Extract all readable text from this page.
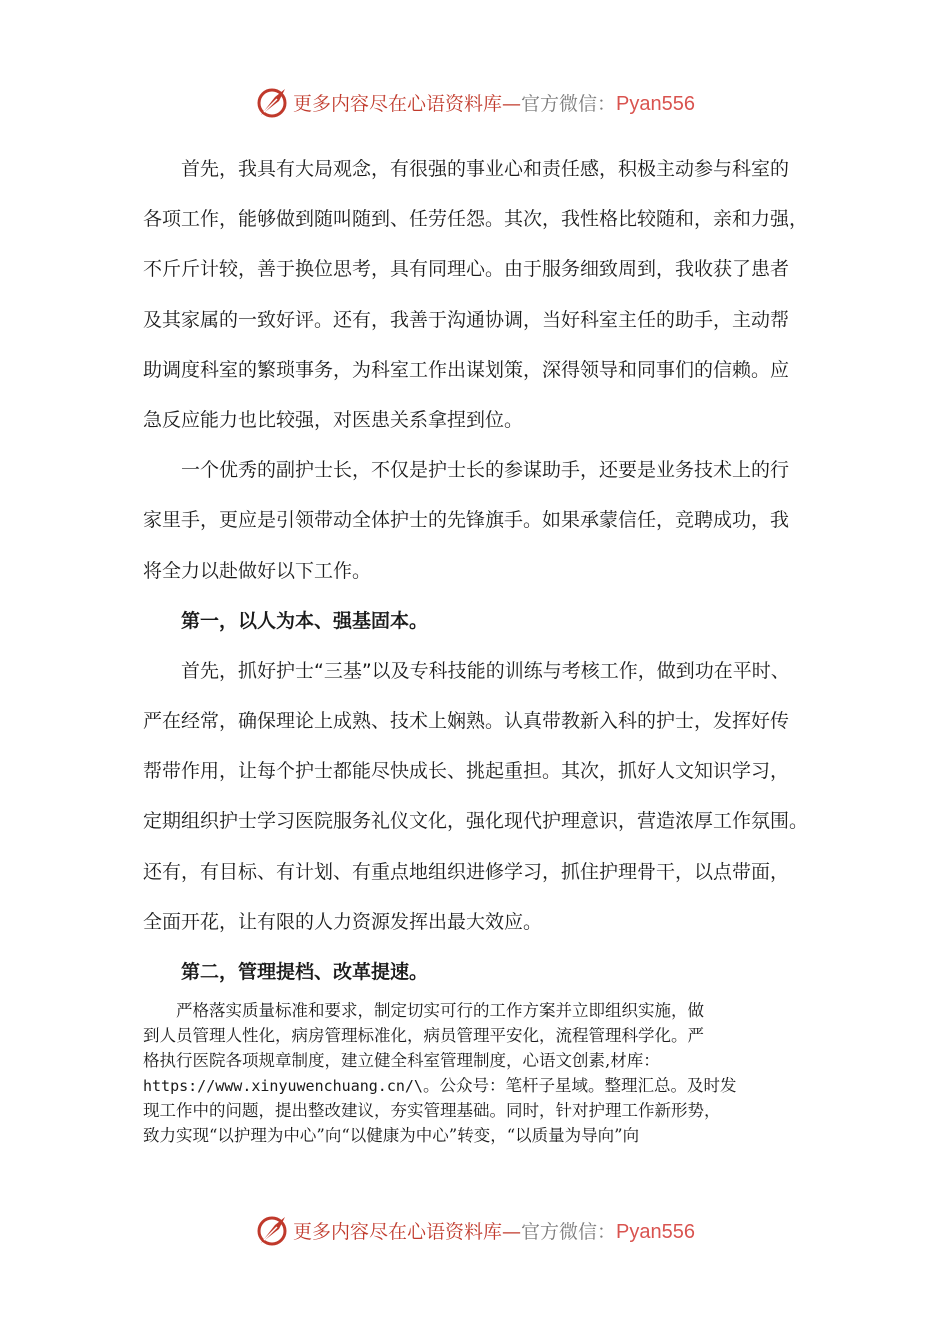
更多内容尽在心语资料库—官方微信：Pyan556
　　首先，我具有大局观念，有很强的事业心和责任感，积极主动参与科室的
各项工作，能够做到随叫随到、任劳任怨。其次，我性格比较随和，亲和力强，
不斤斤计较，善于换位思考，具有同理心。由于服务细致周到，我收获了患者
及其家属的一致好评。还有，我善于沟通协调，当好科室主任的助手，主动帮
助调度科室的繁琐事务，为科室工作出谋划策，深得领导和同事们的信赖。应
急反应能力也比较强，对医患关系拿捏到位。
　　一个优秀的副护士长，不仅是护士长的参谋助手，还要是业务技术上的行
家里手，更应是引领带动全体护士的先锋旗手。如果承蒙信任，竞聘成功，我
将全力以赴做好以下工作。
　　第一，以人为本、强基固本。
　　首先，抓好护士“三基”以及专科技能的训练与考核工作，做到功在平时、
严在经常，确保理论上成熟、技术上娴熟。认真带教新入科的护士，发挥好传
帮带作用，让每个护士都能尽快成长、挑起重担。其次，抓好人文知识学习，
定期组织护士学习医院服务礼仪文化，强化现代护理意识，营造浓厚工作氛围。
还有，有目标、有计划、有重点地组织进修学习，抓住护理骨干，以点带面，
全面开花，让有限的人力资源发挥出最大效应。
　　第二，管理提档、改革提速。
　　严格落实质量标准和要求，制定切实可行的工作方案并立即组织实施，做
到人员管理人性化，病房管理标准化，病员管理平安化，流程管理科学化。严
格执行医院各项规章制度，建立健全科室管理制度，心语文创素,材库：
https://www.xinyuwenchuang.cn/\。公众号：笔杆子星域。整理汇总。及时发
现工作中的问题，提出整改建议，夯实管理基础。同时，针对护理工作新形势，
致力实现“以护理为中心”向“以健康为中心”转变，“以质量为导向”向
更多内容尽在心语资料库—官方微信：Pyan556
